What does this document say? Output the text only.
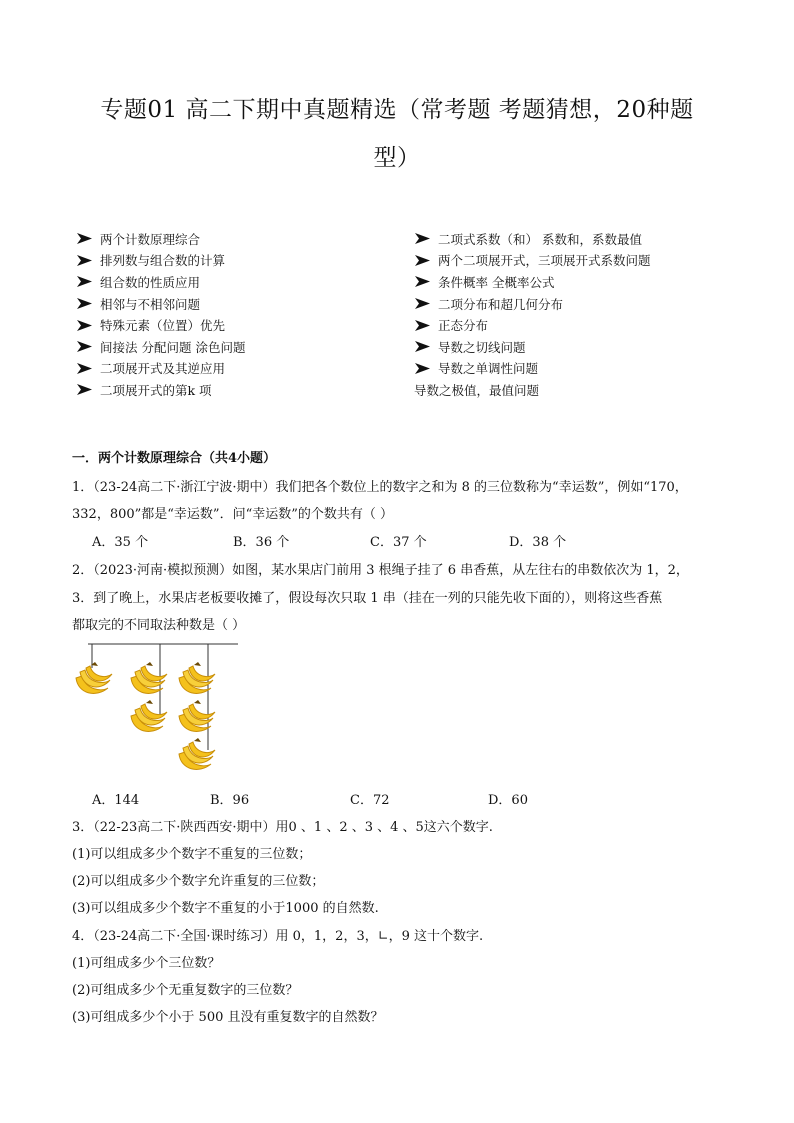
专题01 高二下期中真题精选（常考题 考题猜想，20种题
型）
两个计数原理综合
排列数与组合数的计算
组合数的性质应用
相邻与不相邻问题
特殊元素（位置）优先
间接法 分配问题 涂色问题
二项展开式及其逆应用
二项展开式的第k 项
二项式系数（和） 系数和，系数最值
两个二项展开式，三项展开式系数问题
条件概率 全概率公式
二项分布和超几何分布
正态分布
导数之切线问题
导数之单调性问题
导数之极值，最值问题
一．两个计数原理综合（共4小题）
1．（23-24高二下·浙江宁波·期中）我们把各个数位上的数字之和为 8 的三位数称为“幸运数”，例如“170，
332，800”都是“幸运数”．问“幸运数”的个数共有（ ）
A．35 个	B．36 个	C．37 个	D．38 个
2．（2023·河南·模拟预测）如图，某水果店门前用 3 根绳子挂了 6 串香蕉，从左往右的串数依次为 1，2，
3．到了晚上，水果店老板要收摊了，假设每次只取 1 串（挂在一列的只能先收下面的），则将这些香蕉
都取完的不同取法种数是（ ）
A．144	B．96	C．72	D．60
3．（22-23高二下·陕西西安·期中）用0 、1 、2 、3 、4 、5这六个数字.
(1)可以组成多少个数字不重复的三位数；
(2)可以组成多少个数字允许重复的三位数；
(3)可以组成多少个数字不重复的小于1000 的自然数.
4．（23-24高二下·全国·课时练习）用 0，1，2，3，∟，9 这十个数字.
(1)可组成多少个三位数？
(2)可组成多少个无重复数字的三位数？
(3)可组成多少个小于 500 且没有重复数字的自然数？
